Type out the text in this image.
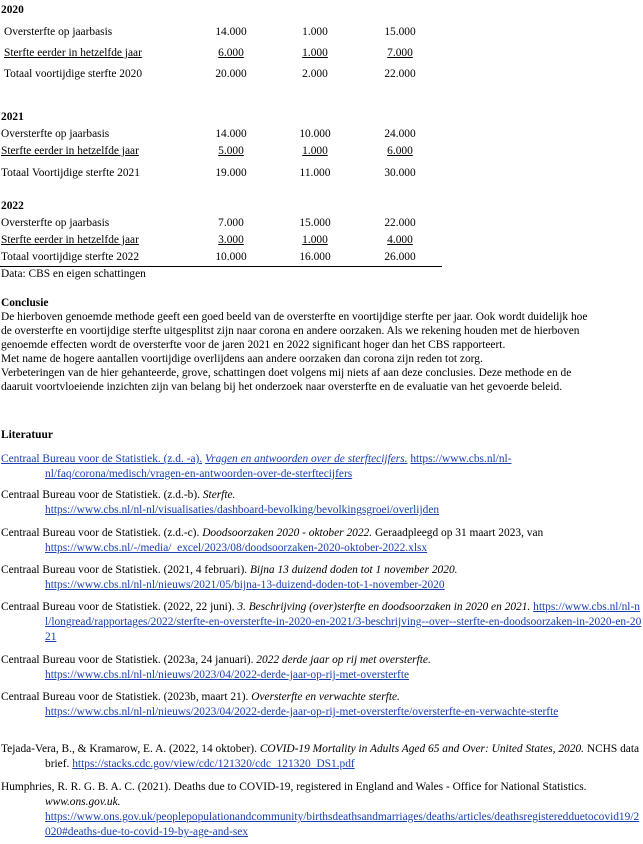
2020
Oversterfte op jaarbasis	14.000	1.000	15.000
Sterfte eerder in hetzelfde jaar	6.000	1.000	7.000
Totaal voortijdige sterfte 2020	20.000	2.000	22.000
2021
Oversterfte op jaarbasis	14.000	10.000	24.000
Sterfte eerder in hetzelfde jaar	5.000	1.000	6.000
Totaal Voortijdige sterfte 2021	19.000	11.000	30.000
2022
Oversterfte op jaarbasis	7.000	15.000	22.000
Sterfte eerder in hetzelfde jaar	3.000	1.000	4.000
Totaal voortijdige sterfte 2022	10.000	16.000	26.000
Data: CBS en eigen schattingen
Conclusie
De hierboven genoemde methode geeft een goed beeld van de oversterfte en voortijdige sterfte per jaar. Ook wordt duidelijk hoe de oversterfte en voortijdige sterfte uitgesplitst zijn naar corona en andere oorzaken. Als we rekening houden met de hierboven genoemde effecten wordt de oversterfte voor de jaren 2021 en 2022 significant hoger dan het CBS rapporteert.
Met name de hogere aantallen voortijdige overlijdens aan andere oorzaken dan corona zijn reden tot zorg.
Verbeteringen van de hier gehanteerde, grove, schattingen doet volgens mij niets af aan deze conclusies. Deze methode en de daaruit voortvloeiende inzichten zijn van belang bij het onderzoek naar oversterfte en de evaluatie van het gevoerde beleid.
Literatuur
Centraal Bureau voor de Statistiek. (z.d. -a). Vragen en antwoorden over de sterftecijfers. https://www.cbs.nl/nl-nl/faq/corona/medisch/vragen-en-antwoorden-over-de-sterftecijfers
Centraal Bureau voor de Statistiek. (z.d.-b). Sterfte.
https://www.cbs.nl/nl-nl/visualisaties/dashboard-bevolking/bevolkingsgroei/overlijden
Centraal Bureau voor de Statistiek. (z.d.-c). Doodsoorzaken 2020 - oktober 2022. Geraadpleegd op 31 maart 2023, van https://www.cbs.nl/-/media/_excel/2023/08/doodsoorzaken-2020-oktober-2022.xlsx
Centraal Bureau voor de Statistiek. (2021, 4 februari). Bijna 13 duizend doden tot 1 november 2020.
https://www.cbs.nl/nl-nl/nieuws/2021/05/bijna-13-duizend-doden-tot-1-november-2020
Centraal Bureau voor de Statistiek. (2022, 22 juni). 3. Beschrijving (over)sterfte en doodsoorzaken in 2020 en 2021. https://www.cbs.nl/nl-nl/longread/rapportages/2022/sterfte-en-oversterfte-in-2020-en-2021/3-beschrijving--over--sterfte-en-doodsoorzaken-in-2020-en-2021
Centraal Bureau voor de Statistiek. (2023a, 24 januari). 2022 derde jaar op rij met oversterfte.
https://www.cbs.nl/nl-nl/nieuws/2023/04/2022-derde-jaar-op-rij-met-oversterfte
Centraal Bureau voor de Statistiek. (2023b, maart 21). Oversterfte en verwachte sterfte.
https://www.cbs.nl/nl-nl/nieuws/2023/04/2022-derde-jaar-op-rij-met-oversterfte/oversterfte-en-verwachte-sterfte
Tejada-Vera, B., & Kramarow, E. A. (2022, 14 oktober). COVID-19 Mortality in Adults Aged 65 and Over: United States, 2020. NCHS data brief. https://stacks.cdc.gov/view/cdc/121320/cdc_121320_DS1.pdf
Humphries, R. R. G. B. A. C. (2021). Deaths due to COVID-19, registered in England and Wales - Office for National Statistics. www.ons.gov.uk.
https://www.ons.gov.uk/peoplepopulationandcommunity/birthsdeathsandmarriages/deaths/articles/deathsregisteredduetocovid19/2020#deaths-due-to-covid-19-by-age-and-sex
